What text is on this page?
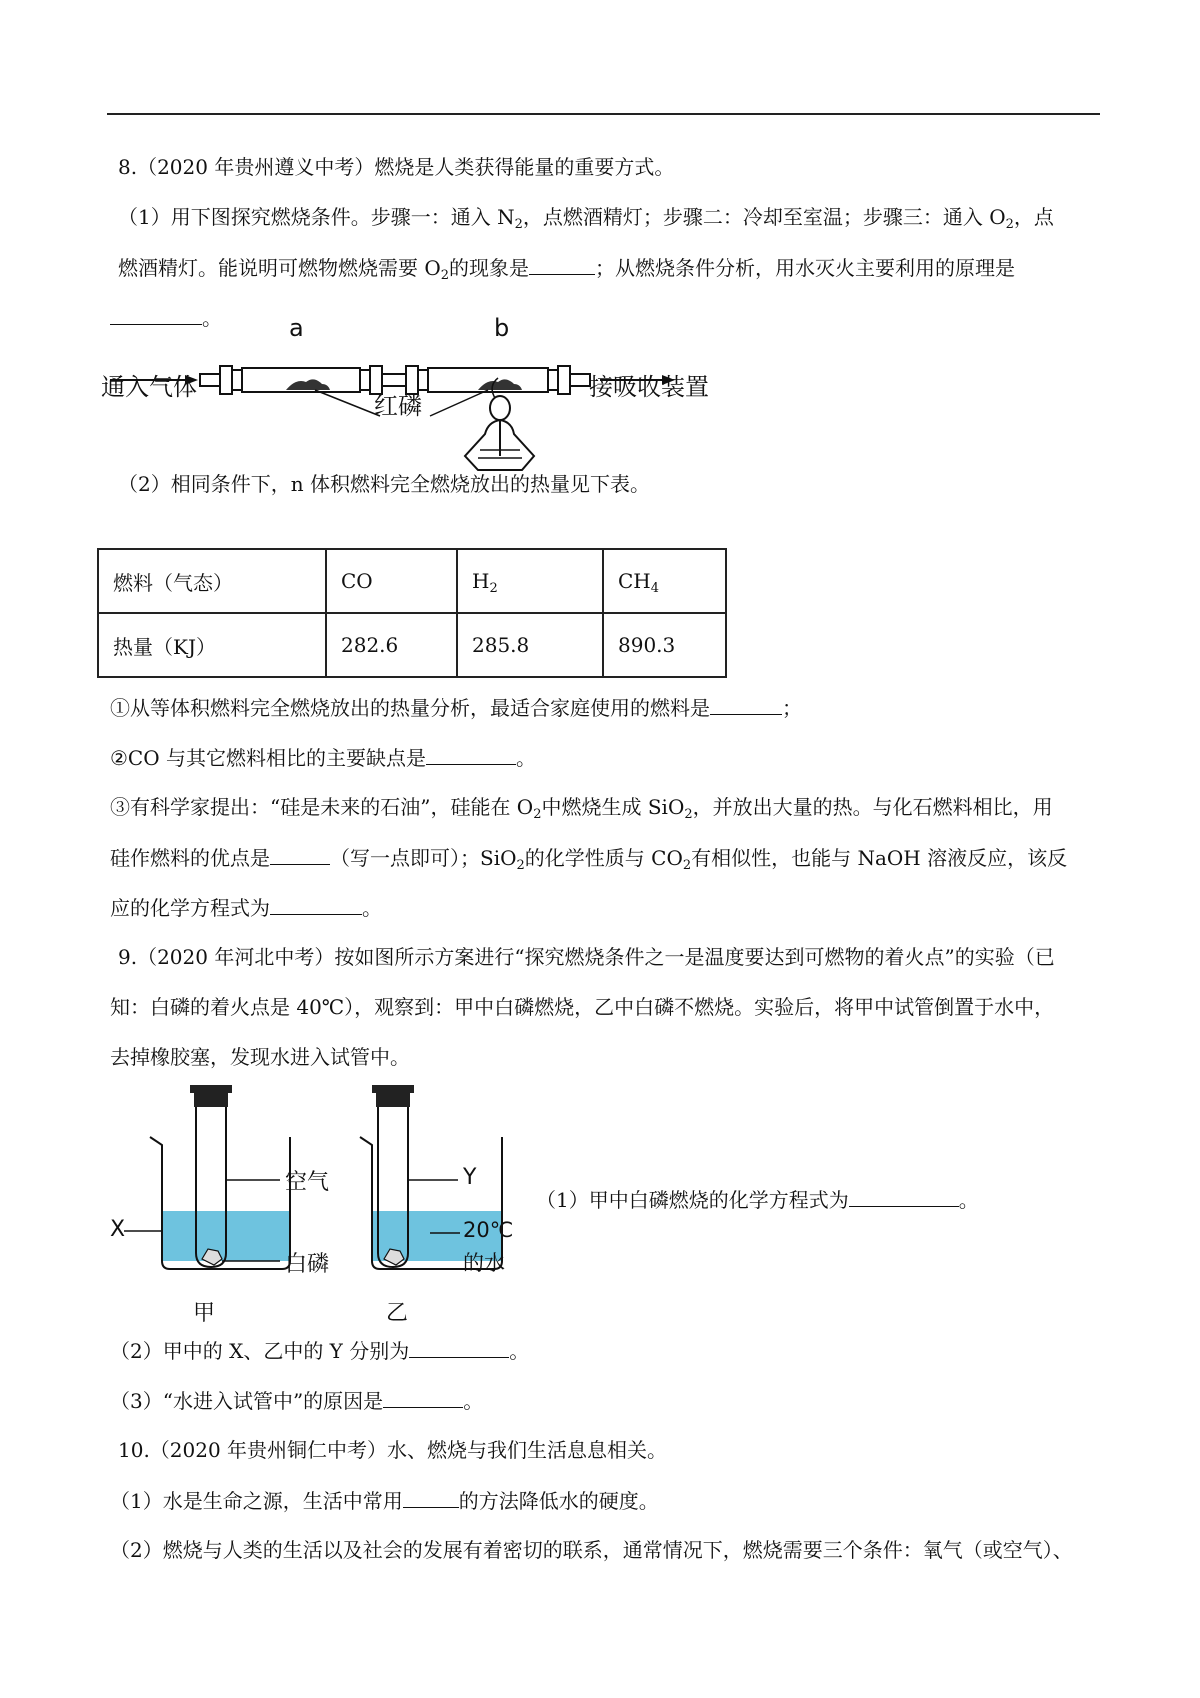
8.（2020 年贵州遵义中考）燃烧是人类获得能量的重要方式。
（1）用下图探究燃烧条件。步骤一：通入 $N_2$，点燃酒精灯；步骤二：冷却至室温；步骤三：通入 $O_2$，点
燃酒精灯。能说明可燃物燃烧需要 $O_2$的现象是	；从燃烧条件分析，用水灭火主要利用的原理是
。	a	b
通入气体	接吸收装置
红磷
（2）相同条件下，n 体积燃料完全燃烧放出的热量见下表。
燃料（气态）	CO	$H_2$	$CH_4$
热量（KJ）	282.6	285.8	890.3
①从等体积燃料完全燃烧放出的热量分析，最适合家庭使用的燃料是	；
②CO 与其它燃料相比的主要缺点是	。
③有科学家提出：“硅是未来的石油”，硅能在 $O_2$中燃烧生成 SiO$_2$，并放出大量的热。与化石燃料相比，用
硅作燃料的优点是	（写一点即可）；SiO$_2$的化学性质与 $CO_2$有相似性，也能与 NaOH 溶液反应，该反
应的化学方程式为	。
9.（2020 年河北中考）按如图所示方案进行“探究燃烧条件之一是温度要达到可燃物的着火点”的实验（已
知：白磷的着火点是 40℃），观察到：甲中白磷燃烧，乙中白磷不燃烧。实验后，将甲中试管倒置于水中，
去掉橡胶塞，发现水进入试管中。
空气
X
白磷
甲
Y
20℃
的水
乙
（1）甲中白磷燃烧的化学方程式为	。
（2）甲中的 X、乙中的 Y 分别为	。
（3）“水进入试管中”的原因是	。
10.（2020 年贵州铜仁中考）水、燃烧与我们生活息息相关。
（1）水是生命之源，生活中常用	的方法降低水的硬度。
（2）燃烧与人类的生活以及社会的发展有着密切的联系，通常情况下，燃烧需要三个条件：氧气（或空气）、
